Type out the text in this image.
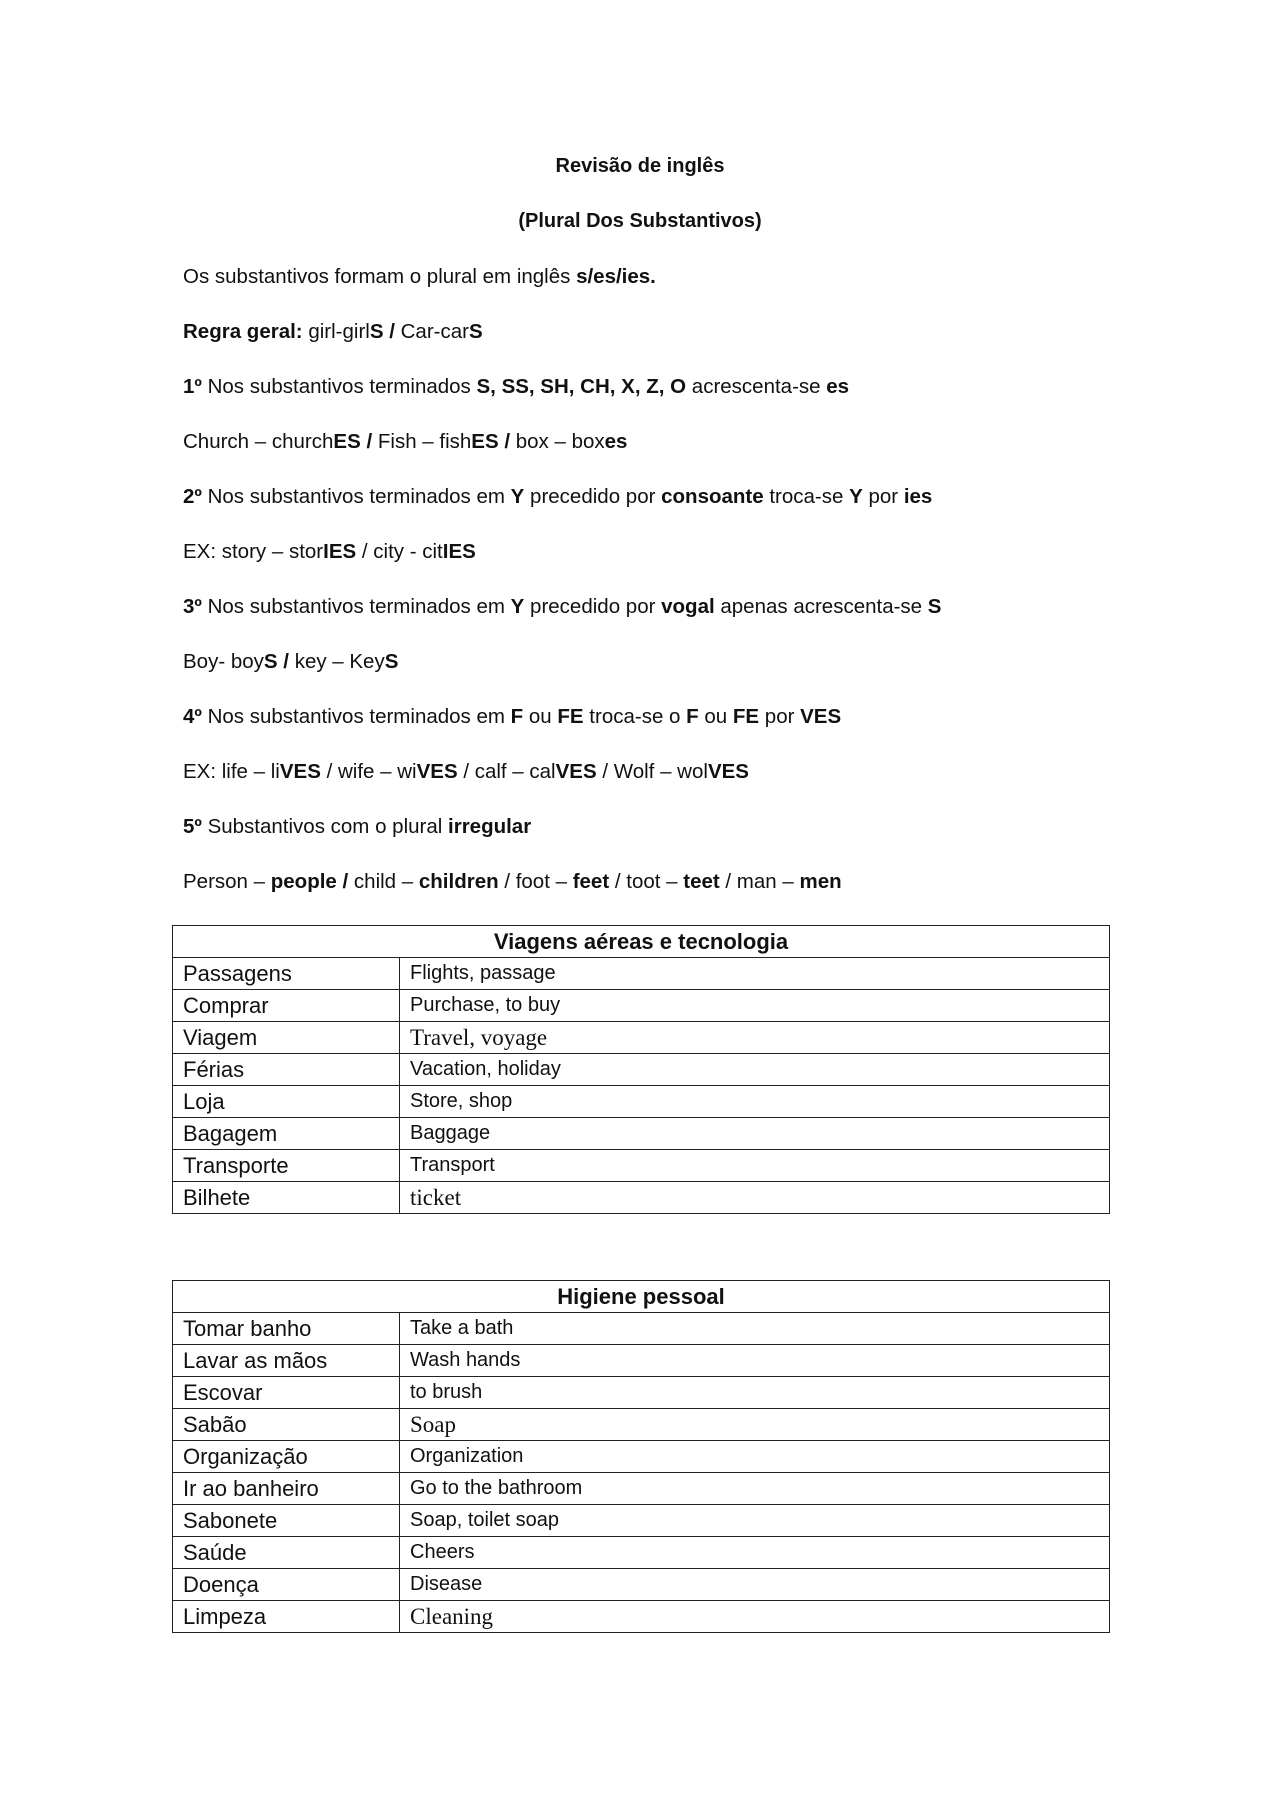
Revisão de inglês
(Plural Dos Substantivos)
Os substantivos formam o plural em inglês s/es/ies.
Regra geral: girl-girlS / Car-carS
1º Nos substantivos terminados S, SS, SH, CH, X, Z, O acrescenta-se es
Church – churchES / Fish – fishES / box – boxes
2º Nos substantivos terminados em Y precedido por consoante troca-se Y por ies
EX: story – storIES / city - citIES
3º Nos substantivos terminados em Y precedido por vogal apenas acrescenta-se S
Boy- boyS / key – KeyS
4º Nos substantivos terminados em F ou FE troca-se o F ou FE por VES
EX: life – liVES / wife – wiVES / calf – calVES / Wolf – wolVES
5º Substantivos com o plural irregular
Person – people / child – children / foot – feet / toot – teet / man – men
Viagens aéreas e tecnologia	
Passagens	Flights, passage
Comprar	Purchase, to buy
Viagem	Travel, voyage
Férias	Vacation, holiday
Loja	Store, shop
Bagagem	Baggage
Transporte	Transport
Bilhete	ticket
Higiene pessoal	
Tomar banho	Take a bath
Lavar as mãos	Wash hands
Escovar	to brush
Sabão	Soap
Organização	Organization
Ir ao banheiro	Go to the bathroom
Sabonete	Soap, toilet soap
Saúde	Cheers
Doença	Disease
Limpeza	Cleaning
